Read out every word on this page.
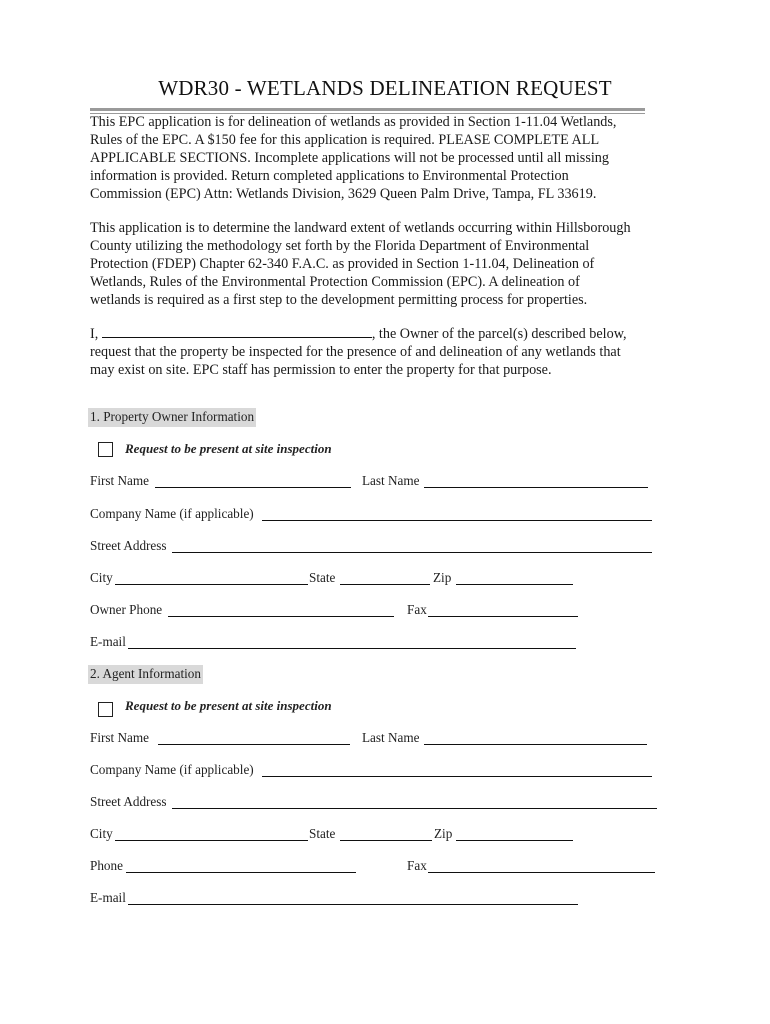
WDR30 - WETLANDS DELINEATION REQUEST
This EPC application is for delineation of wetlands as provided in Section 1-11.04 Wetlands,
Rules of the EPC. A $150 fee for this application is required. PLEASE COMPLETE ALL
APPLICABLE SECTIONS. Incomplete applications will not be processed until all missing
information is provided. Return completed applications to Environmental Protection
Commission (EPC) Attn: Wetlands Division, 3629 Queen Palm Drive, Tampa, FL 33619.
This application is to determine the landward extent of wetlands occurring within Hillsborough
County utilizing the methodology set forth by the Florida Department of Environmental
Protection (FDEP) Chapter 62-340 F.A.C. as provided in Section 1-11.04, Delineation of
Wetlands, Rules of the Environmental Protection Commission (EPC). A delineation of
wetlands is required as a first step to the development permitting process for properties.
I,	, the Owner of the parcel(s) described below,
request that the property be inspected for the presence of and delineation of any wetlands that
may exist on site. EPC staff has permission to enter the property for that purpose.
1. Property Owner Information
Request to be present at site inspection
First Name	Last Name
Company Name (if applicable)
Street Address
City	State	Zip
Owner Phone	Fax
E-mail
2. Agent Information
Request to be present at site inspection
First Name	Last Name
Company Name (if applicable)
Street Address
City	State	Zip
Phone	Fax
E-mail
